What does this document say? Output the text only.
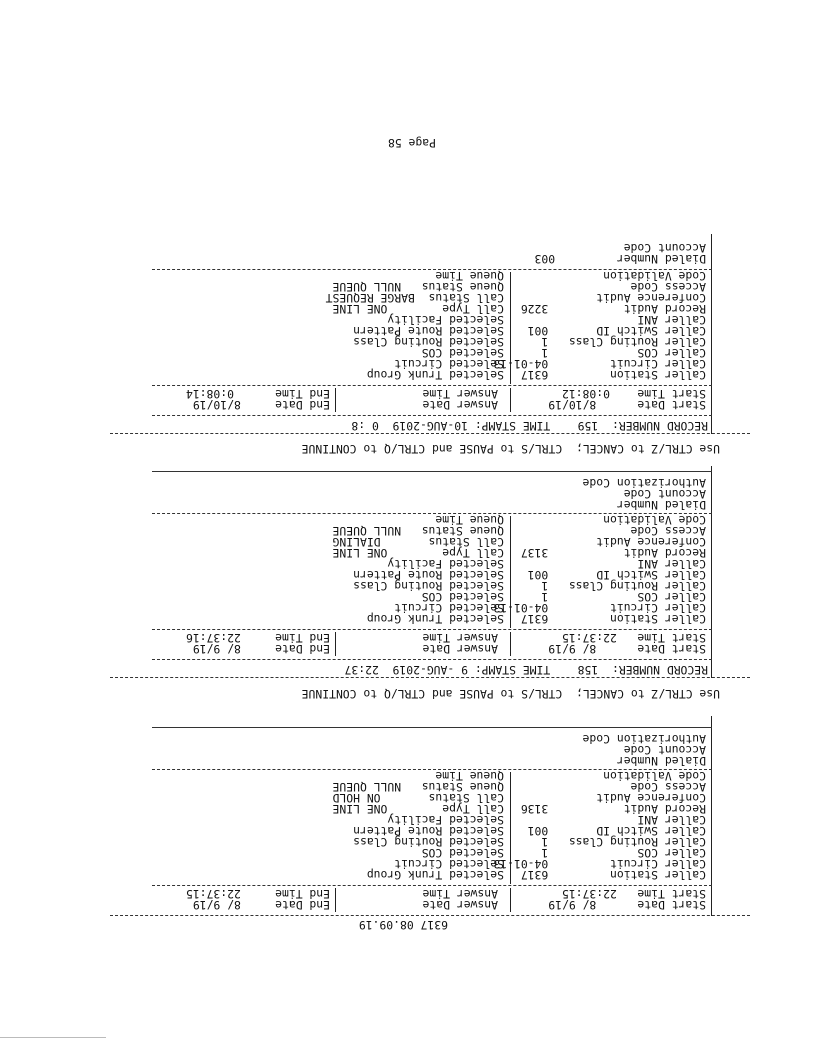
6317 08.09.19
Start Date      8/ 9/19
Answer Date
End Date     8/ 9/19
Start Time   22:37:15
Answer Time
End Time     22:37:15
Caller Station         6317
Caller Circuit         04-01-13
Caller COS             1
Caller Routing Class   1
Caller Switch ID       001
Caller ANI
Record Audit           3136
Conference Audit
Access Code
Code Validation
Selected Trunk Group
Selected Circuit
Selected COS
Selected Routing Class
Selected Route Pattern
Selected Facility
Call Type        ONE LINE
Call Status       ON HOLD
Queue Status   NULL QUEUE
Queue Time
Dialed Number
Account Code
Authorization Code
Use CTRL/Z to CANCEL;  CTRL/S to PAUSE and CTRL/Q to CONTINUE
RECORD NUMBER:  158    TIME STAMP: 9 -AUG-2019  22:37
Start Date      8/ 9/19
Answer Date
End Date     8/ 9/19
Start Time   22:37:15
Answer Time
End Time     22:37:16
Caller Station         6317
Caller Circuit         04-01-13
Caller COS             1
Caller Routing Class   1
Caller Switch ID       001
Caller ANI
Record Audit           3137
Conference Audit
Access Code
Code Validation
Selected Trunk Group
Selected Circuit
Selected COS
Selected Routing Class
Selected Route Pattern
Selected Facility
Call Type        ONE LINE
Call Status       DIALING
Queue Status   NULL QUEUE
Queue Time
Dialed Number
Account Code
Authorization Code
Use CTRL/Z to CANCEL;  CTRL/S to PAUSE and CTRL/Q to CONTINUE
RECORD NUMBER:  159    TIME STAMP: 10-AUG-2019  0 :8
Start Date      8/10/19
Answer Date
End Date     8/10/19
Start Time    0:08:12
Answer Time
End Time      0:08:14
Caller Station         6317
Caller Circuit         04-01-13
Caller COS             1
Caller Routing Class   1
Caller Switch ID       001
Caller ANI
Record Audit           3226
Conference Audit
Access Code
Code Validation
Selected Trunk Group
Selected Circuit
Selected COS
Selected Routing Class
Selected Route Pattern
Selected Facility
Call Type        ONE LINE
Call Status  BARGE REQUEST
Queue Status   NULL QUEUE
Queue Time
Dialed Number         003
Account Code
Page 58
